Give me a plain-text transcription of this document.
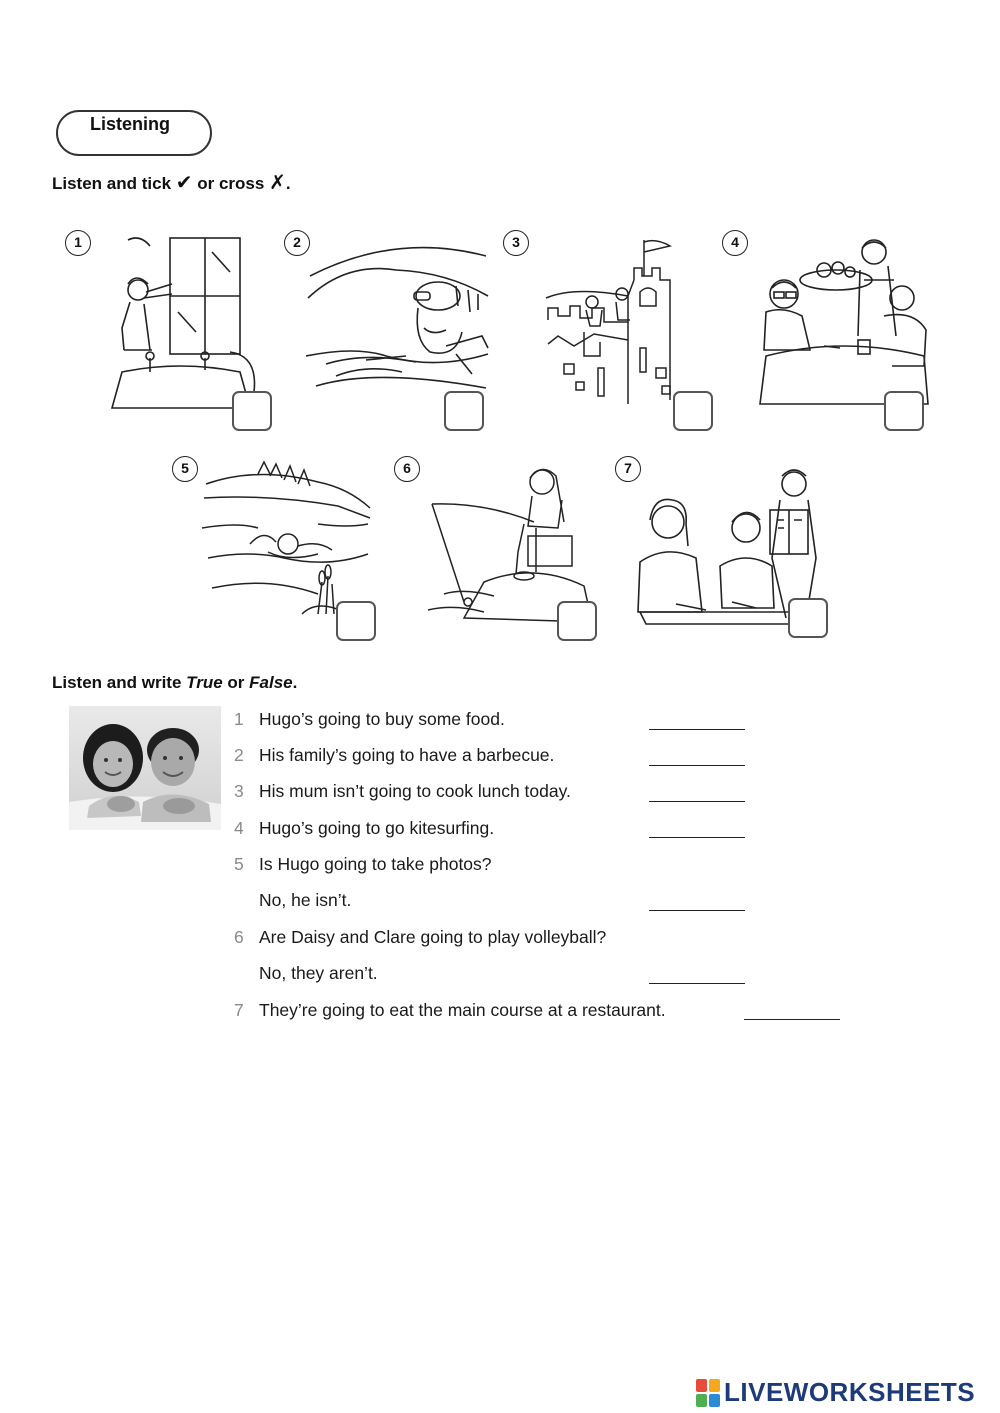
Listening
Listen and tick ✔ or cross ✗.
1	2	3	4
5	6	7
Listen and write True or False.
1 Hugo’s going to buy some food.
2 His family’s going to have a barbecue.
3 His mum isn’t going to cook lunch today.
4 Hugo’s going to go kitesurfing.
5 Is Hugo going to take photos?
No, he isn’t.
6 Are Daisy and Clare going to play volleyball?
No, they aren’t.
7 They’re going to eat the main course at a restaurant.
LIVEWORKSHEETS
